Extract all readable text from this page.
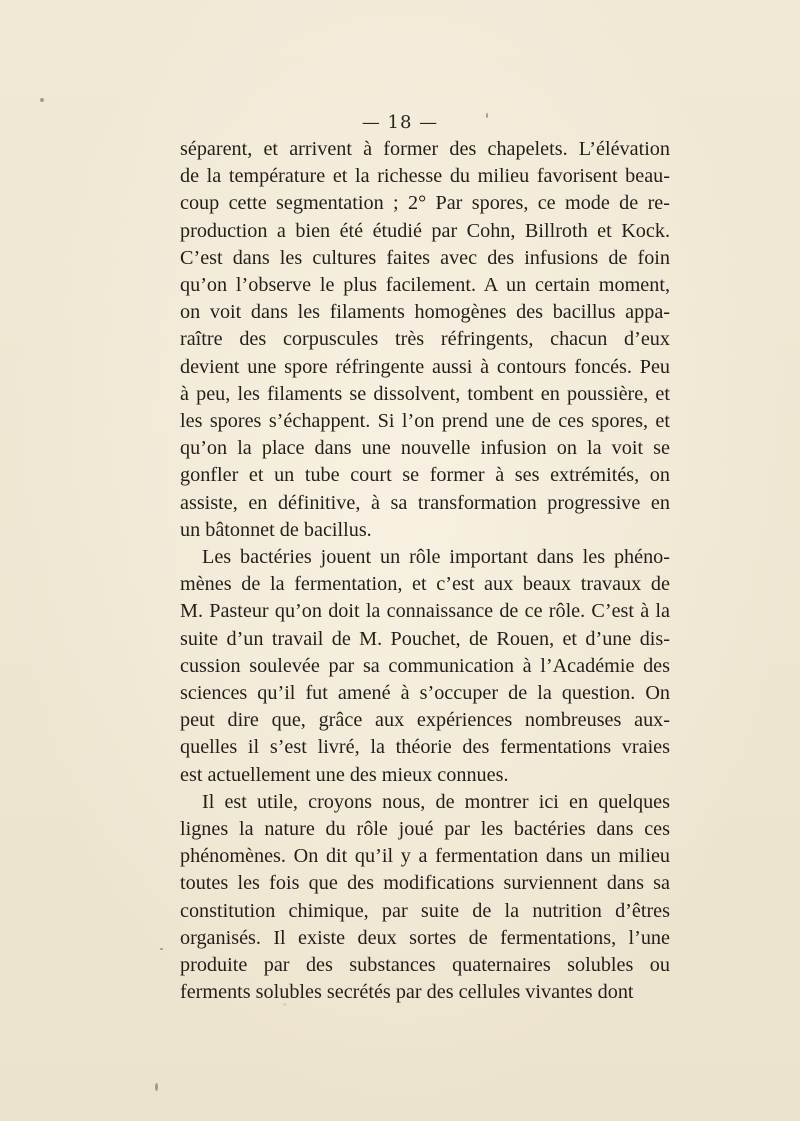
— 18 —
séparent, et arrivent à former des chapelets. L’élévation
de la température et la richesse du milieu favorisent beau-
coup cette segmentation ; 2° Par spores, ce mode de re-
production a bien été étudié par Cohn, Billroth et Kock.
C’est dans les cultures faites avec des infusions de foin
qu’on l’observe le plus facilement. A un certain moment,
on voit dans les filaments homogènes des bacillus appa-
raître des corpuscules très réfringents, chacun d’eux
devient une spore réfringente aussi à contours foncés. Peu
à peu, les filaments se dissolvent, tombent en poussière, et
les spores s’échappent. Si l’on prend une de ces spores, et
qu’on la place dans une nouvelle infusion on la voit se
gonfler et un tube court se former à ses extrémités, on
assiste, en définitive, à sa transformation progressive en
un bâtonnet de bacillus.
Les bactéries jouent un rôle important dans les phéno-
mènes de la fermentation, et c’est aux beaux travaux de
M. Pasteur qu’on doit la connaissance de ce rôle. C’est à la
suite d’un travail de M. Pouchet, de Rouen, et d’une dis-
cussion soulevée par sa communication à l’Académie des
sciences qu’il fut amené à s’occuper de la question. On
peut dire que, grâce aux expériences nombreuses aux-
quelles il s’est livré, la théorie des fermentations vraies
est actuellement une des mieux connues.
Il est utile, croyons nous, de montrer ici en quelques
lignes la nature du rôle joué par les bactéries dans ces
phénomènes. On dit qu’il y a fermentation dans un milieu
toutes les fois que des modifications surviennent dans sa
constitution chimique, par suite de la nutrition d’êtres
organisés. Il existe deux sortes de fermentations, l’une
produite par des substances quaternaires solubles ou
ferments solubles secrétés par des cellules vivantes dont
